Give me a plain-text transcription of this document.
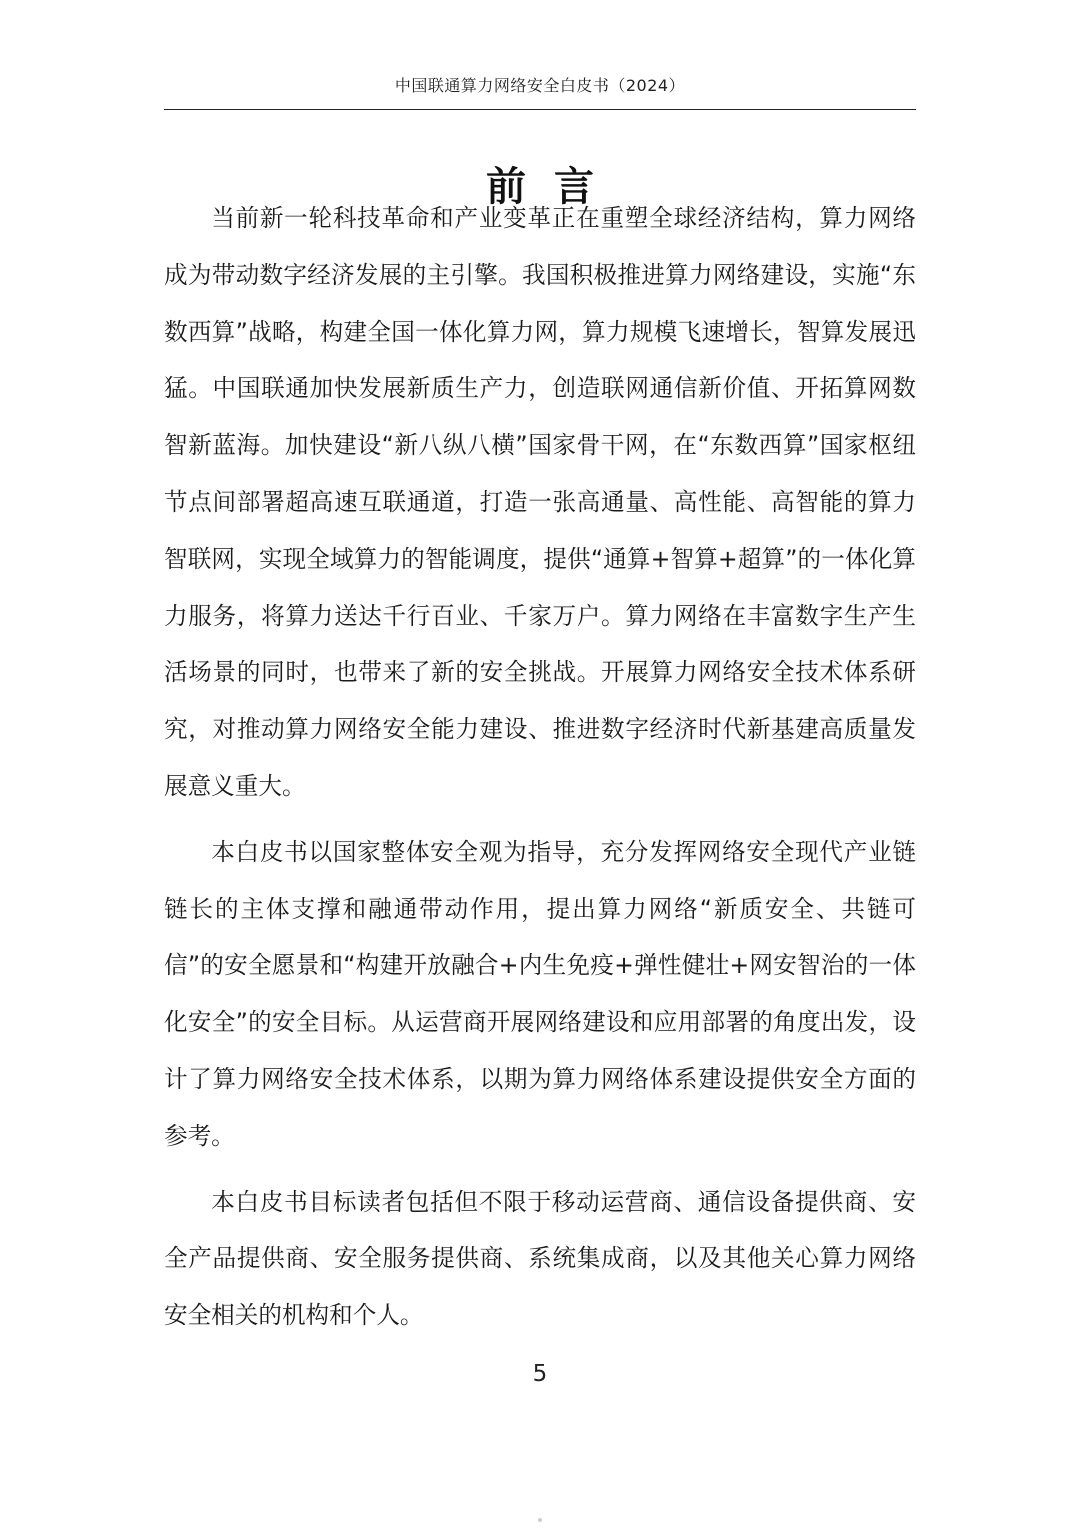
中国联通算力网络安全白皮书（2024）
前言

当前新一轮科技革命和产业变革正在重塑全球经济结构，算力网络成为带动数字经济发展的主引擎。我国积极推进算力网络建设，实施“东数西算”战略，构建全国一体化算力网，算力规模飞速增长，智算发展迅猛。中国联通加快发展新质生产力，创造联网通信新价值、开拓算网数智新蓝海。加快建设“新八纵八横”国家骨干网，在“东数西算”国家枢纽节点间部署超高速互联通道，打造一张高通量、高性能、高智能的算力智联网，实现全域算力的智能调度，提供“通算+智算+超算”的一体化算力服务，将算力送达千行百业、千家万户。算力网络在丰富数字生产生活场景的同时，也带来了新的安全挑战。开展算力网络安全技术体系研究，对推动算力网络安全能力建设、推进数字经济时代新基建高质量发展意义重大。

本白皮书以国家整体安全观为指导，充分发挥网络安全现代产业链链长的主体支撑和融通带动作用，提出算力网络“新质安全、共链可信”的安全愿景和“构建开放融合+内生免疫+弹性健壮+网安智治的一体化安全”的安全目标。从运营商开展网络建设和应用部署的角度出发，设计了算力网络安全技术体系，以期为算力网络体系建设提供安全方面的参考。

本白皮书目标读者包括但不限于移动运营商、通信设备提供商、安全产品提供商、安全服务提供商、系统集成商，以及其他关心算力网络安全相关的机构和个人。

5
